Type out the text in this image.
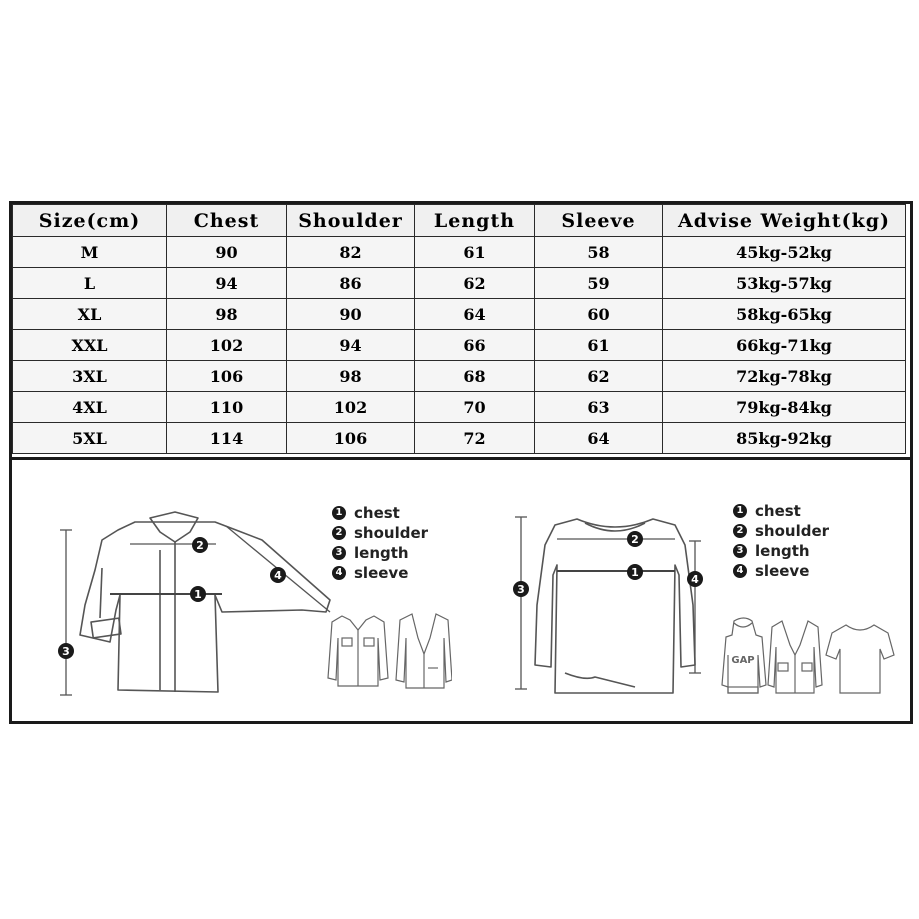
Size(cm)	Chest	Shoulder	Length	Sleeve	Advise Weight(kg)
M	90	82	61	58	45kg-52kg
L	94	86	62	59	53kg-57kg
XL	98	90	64	60	58kg-65kg
XXL	102	94	66	61	66kg-71kg
3XL	106	98	68	62	72kg-78kg
4XL	110	102	70	63	79kg-84kg
5XL	114	106	72	64	85kg-92kg
1
2
3
4
1 chest
2 shoulder
3 length
4 sleeve	1
2
3
4
1 chest
2 shoulder
3 length
4 sleeve
GAP
